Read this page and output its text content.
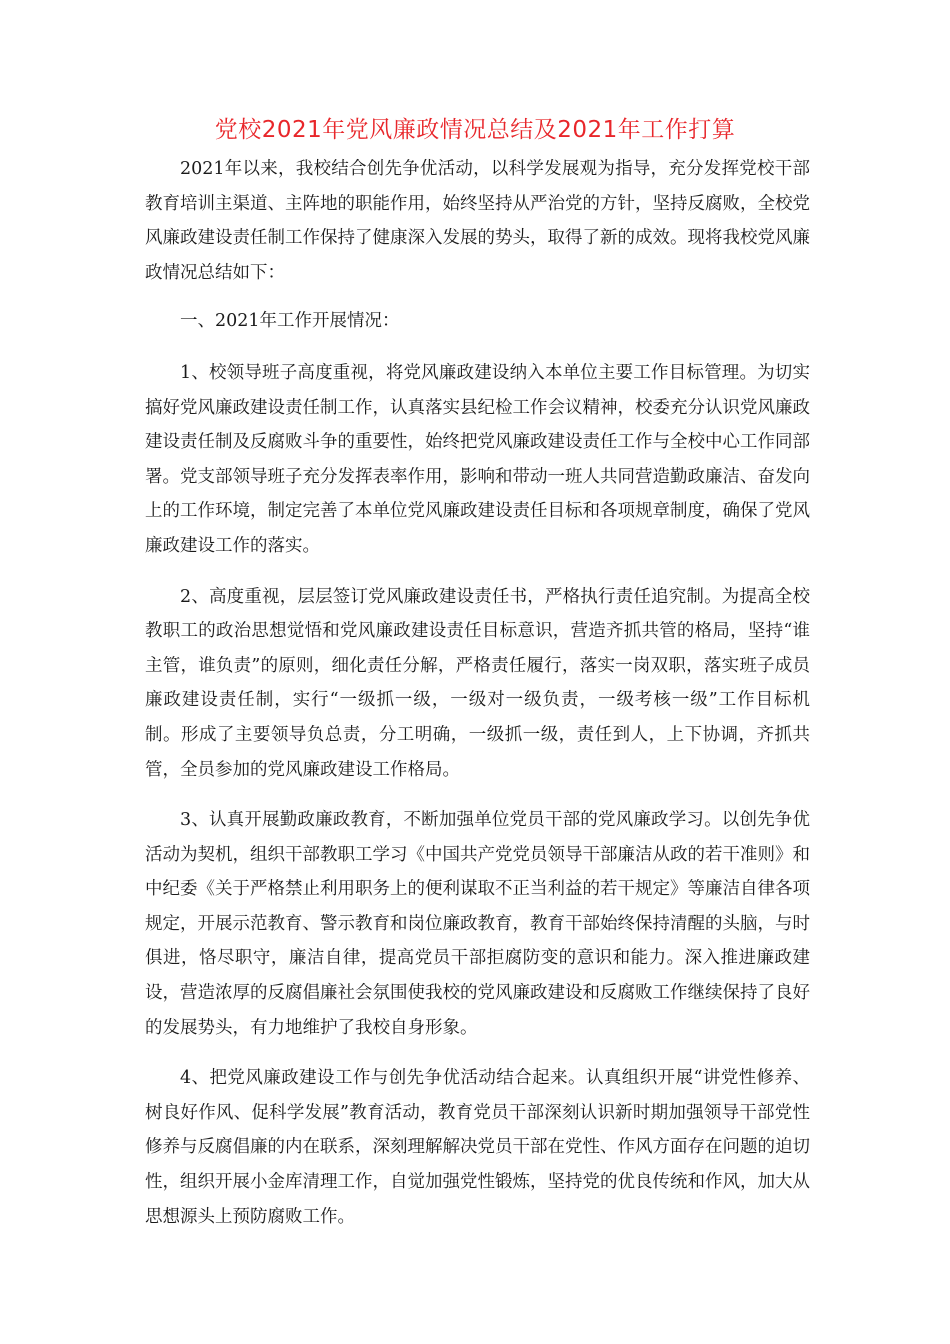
党校2021年党风廉政情况总结及2021年工作打算

2021年以来，我校结合创先争优活动，以科学发展观为指导，充分发挥党校干部教育培训主渠道、主阵地的职能作用，始终坚持从严治党的方针，坚持反腐败，全校党风廉政建设责任制工作保持了健康深入发展的势头，取得了新的成效。现将我校党风廉政情况总结如下：

一、2021年工作开展情况：

1、校领导班子高度重视，将党风廉政建设纳入本单位主要工作目标管理。为切实搞好党风廉政建设责任制工作，认真落实县纪检工作会议精神，校委充分认识党风廉政建设责任制及反腐败斗争的重要性，始终把党风廉政建设责任工作与全校中心工作同部署。党支部领导班子充分发挥表率作用，影响和带动一班人共同营造勤政廉洁、奋发向上的工作环境，制定完善了本单位党风廉政建设责任目标和各项规章制度，确保了党风廉政建设工作的落实。

2、高度重视，层层签订党风廉政建设责任书，严格执行责任追究制。为提高全校教职工的政治思想觉悟和党风廉政建设责任目标意识，营造齐抓共管的格局，坚持“谁主管，谁负责”的原则，细化责任分解，严格责任履行，落实一岗双职，落实班子成员廉政建设责任制，实行“一级抓一级，一级对一级负责，一级考核一级”工作目标机制。形成了主要领导负总责，分工明确，一级抓一级，责任到人，上下协调，齐抓共管，全员参加的党风廉政建设工作格局。

3、认真开展勤政廉政教育，不断加强单位党员干部的党风廉政学习。以创先争优活动为契机，组织干部教职工学习《中国共产党党员领导干部廉洁从政的若干准则》和中纪委《关于严格禁止利用职务上的便利谋取不正当利益的若干规定》等廉洁自律各项规定，开展示范教育、警示教育和岗位廉政教育，教育干部始终保持清醒的头脑，与时俱进，恪尽职守，廉洁自律，提高党员干部拒腐防变的意识和能力。深入推进廉政建设，营造浓厚的反腐倡廉社会氛围使我校的党风廉政建设和反腐败工作继续保持了良好的发展势头，有力地维护了我校自身形象。

4、把党风廉政建设工作与创先争优活动结合起来。认真组织开展“讲党性修养、树良好作风、促科学发展”教育活动，教育党员干部深刻认识新时期加强领导干部党性修养与反腐倡廉的内在联系，深刻理解解决党员干部在党性、作风方面存在问题的迫切性，组织开展小金库清理工作，自觉加强党性锻炼，坚持党的优良传统和作风，加大从思想源头上预防腐败工作。
